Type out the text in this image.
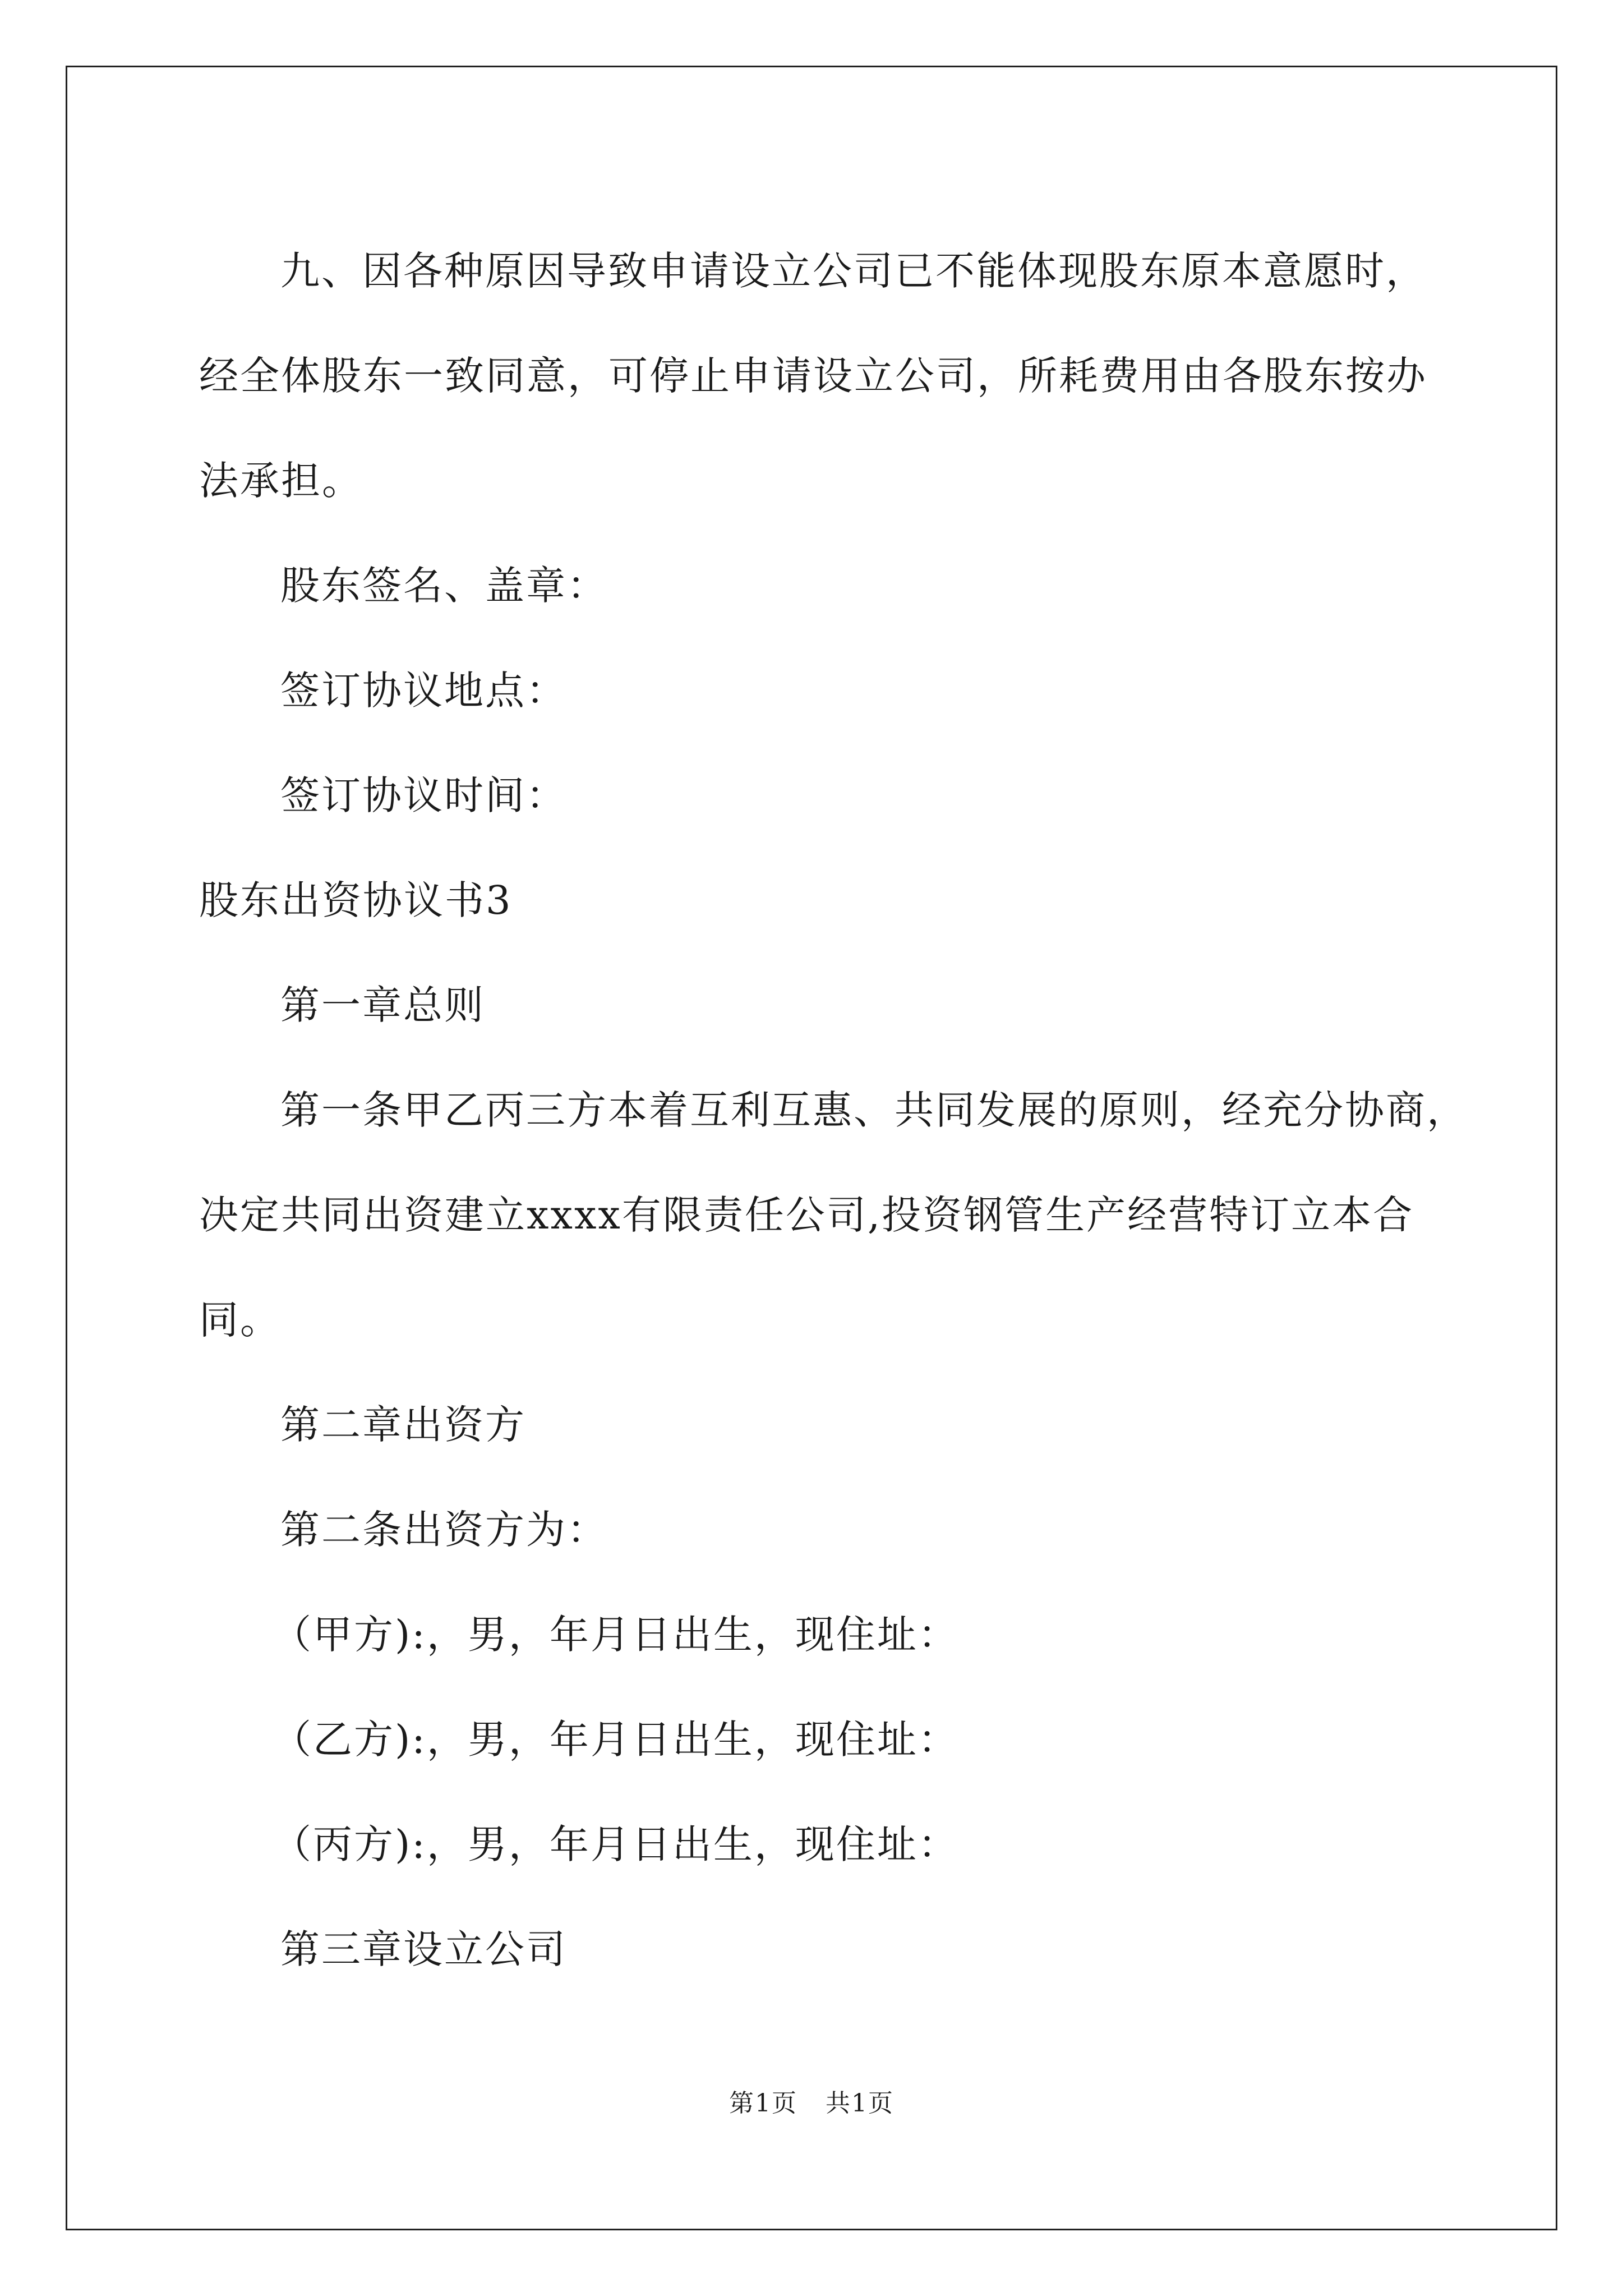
九、因各种原因导致申请设立公司已不能体现股东原本意愿时，

经全体股东一致同意，可停止申请设立公司，所耗费用由各股东按办

法承担。

股东签名、盖章：

签订协议地点：

签订协议时间：

股东出资协议书3

第一章总则

第一条甲乙丙三方本着互利互惠、共同发展的原则，经充分协商，

决定共同出资建立xxxx有限责任公司,投资钢管生产经营特订立本合

同。

第二章出资方

第二条出资方为：

（甲方):，男，年月日出生，现住址：

（乙方):，男，年月日出生，现住址：

（丙方):，男，年月日出生，现住址：

第三章设立公司

第1页 共1页
